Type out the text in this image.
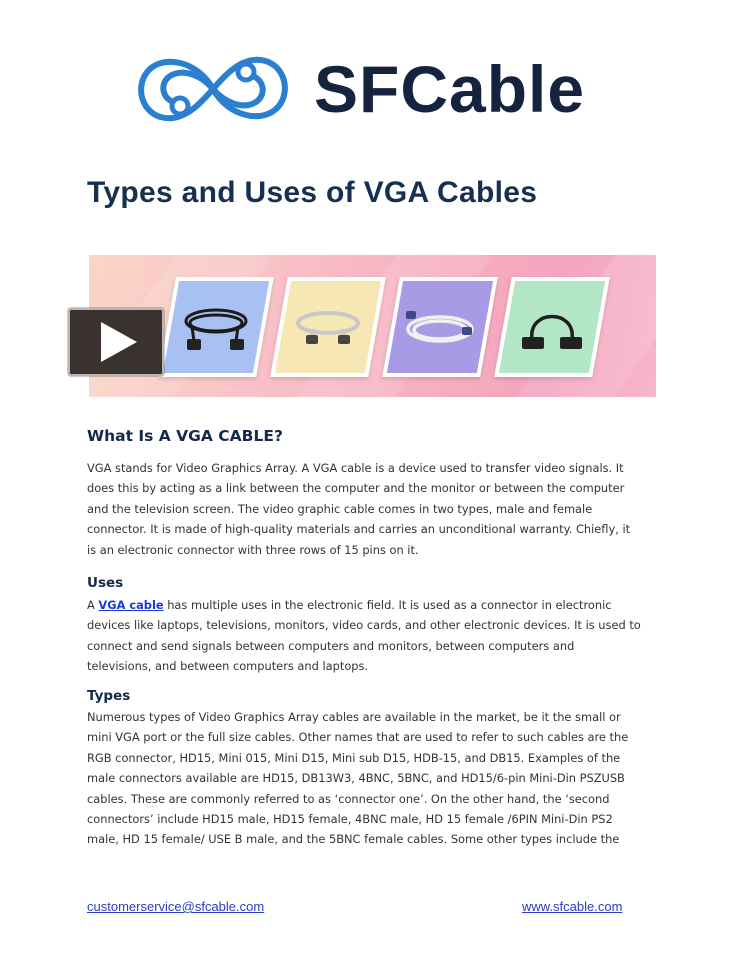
SFCable
Types and Uses of VGA Cables
What Is A VGA CABLE?
VGA stands for Video Graphics Array. A VGA cable is a device used to transfer video signals. It
does this by acting as a link between the computer and the monitor or between the computer
and the television screen. The video graphic cable comes in two types, male and female
connector. It is made of high-quality materials and carries an unconditional warranty. Chiefly, it
is an electronic connector with three rows of 15 pins on it.
Uses
A VGA cable has multiple uses in the electronic field. It is used as a connector in electronic
devices like laptops, televisions, monitors, video cards, and other electronic devices. It is used to
connect and send signals between computers and monitors, between computers and
televisions, and between computers and laptops.
Types
Numerous types of Video Graphics Array cables are available in the market, be it the small or
mini VGA port or the full size cables. Other names that are used to refer to such cables are the
RGB connector, HD15, Mini 015, Mini D15, Mini sub D15, HDB-15, and DB15. Examples of the
male connectors available are HD15, DB13W3, 4BNC, 5BNC, and HD15/6-pin Mini-Din PSZUSB
cables. These are commonly referred to as ‘connector one’. On the other hand, the ‘second
connectors’ include HD15 male, HD15 female, 4BNC male, HD 15 female /6PIN Mini-Din PS2
male, HD 15 female/ USE B male, and the 5BNC female cables. Some other types include the
customerservice@sfcable.com	www.sfcable.com
